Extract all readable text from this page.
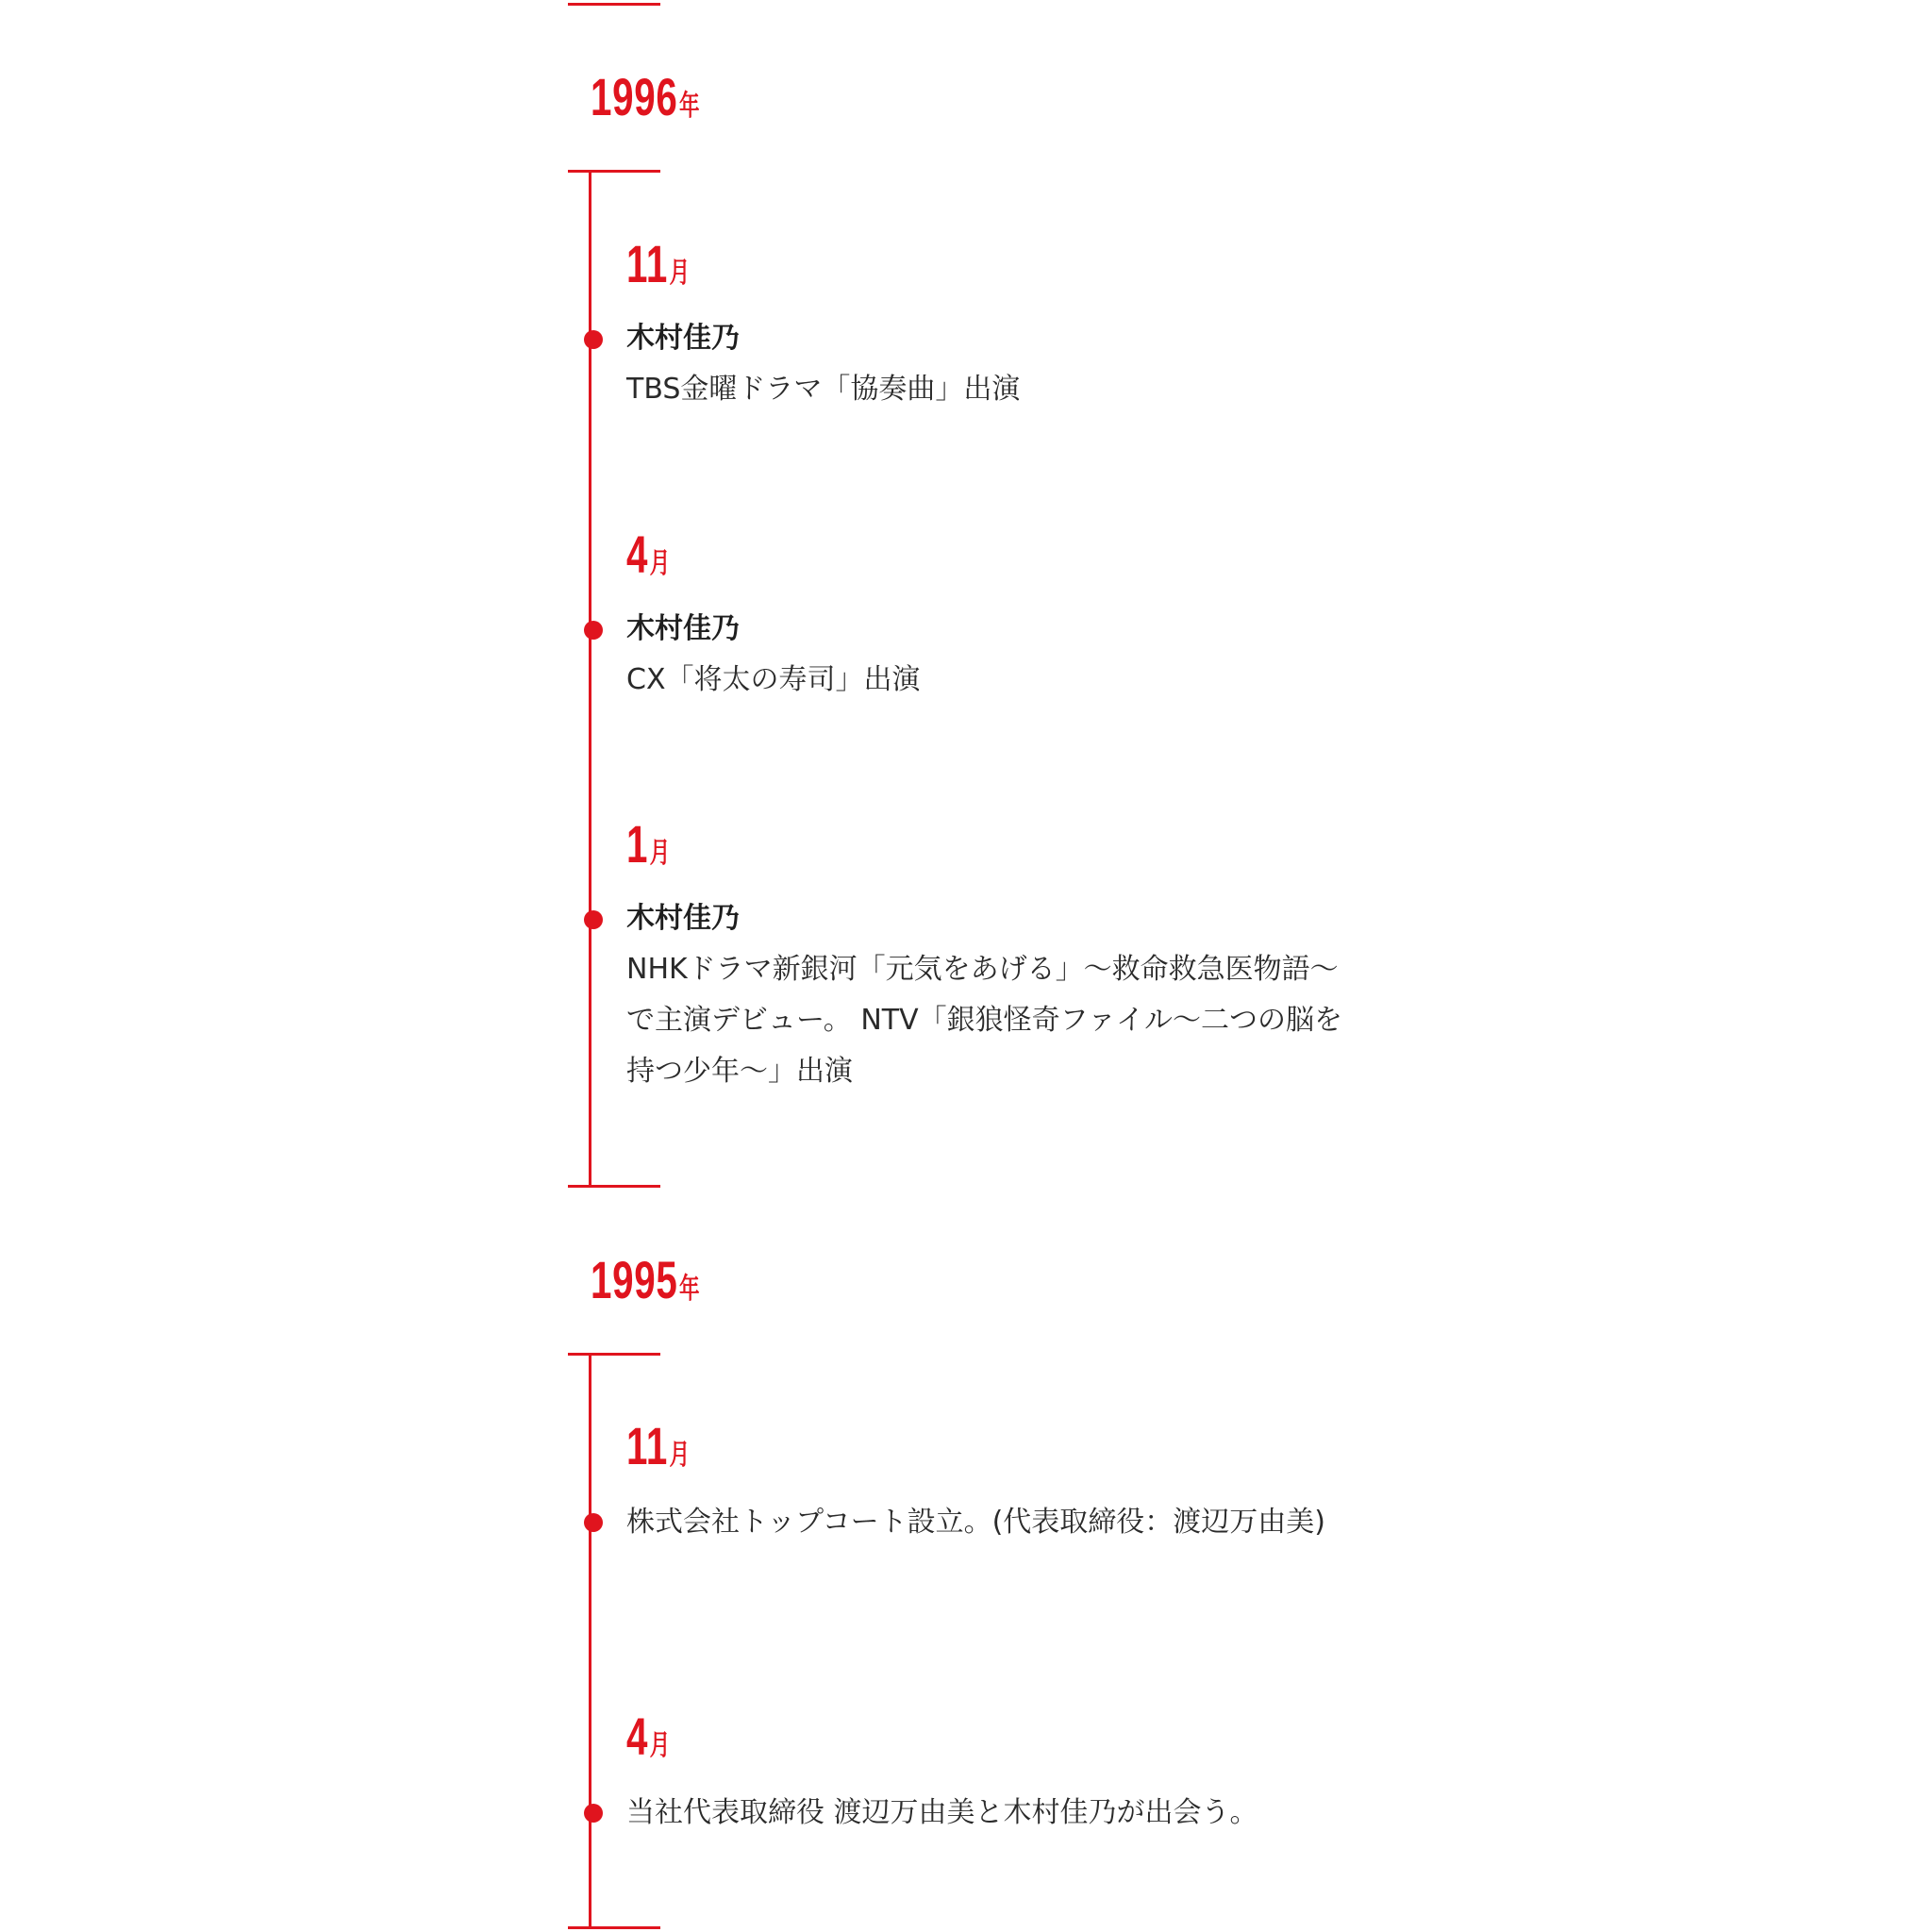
1996年
11月
木村佳乃
TBS金曜ドラマ「協奏曲」出演
4月
木村佳乃
CX「将太の寿司」出演
1月
木村佳乃
NHKドラマ新銀河「元気をあげる」〜救命救急医物語〜で主演デビュー。 NTV「銀狼怪奇ファイル〜二つの脳を持つ少年〜」出演
1995年
11月
株式会社トップコート設立。(代表取締役：渡辺万由美)
4月
当社代表取締役 渡辺万由美と木村佳乃が出会う。
